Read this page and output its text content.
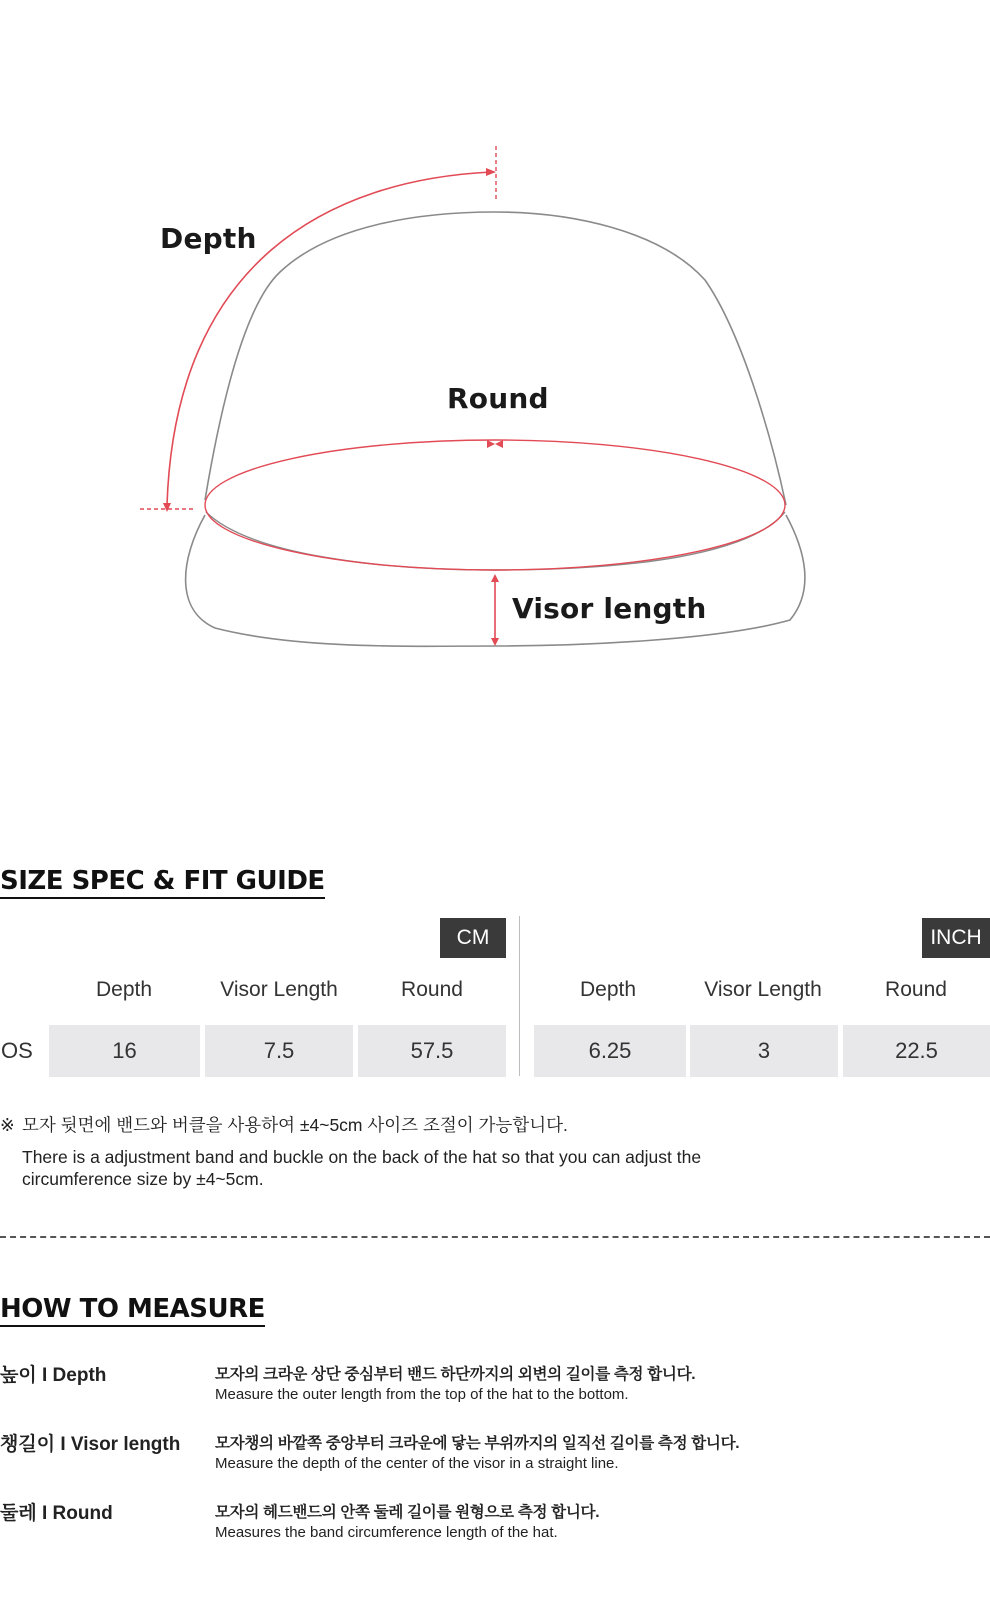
Depth
Round
Visor length
SIZE SPEC & FIT GUIDE
CM	INCH
Depth	Visor Length	Round	Depth	Visor Length	Round
OS	16	7.5	57.5	6.25	3	22.5
※ 모자 뒷면에 밴드와 버클을 사용하여 ±4~5cm 사이즈 조절이 가능합니다.
There is a adjustment band and buckle on the back of the hat so that you can adjust the circumference size by ±4~5cm.
HOW TO MEASURE
높이 I Depth	모자의 크라운 상단 중심부터 밴드 하단까지의 외변의 길이를 측정 합니다.
Measure the outer length from the top of the hat to the bottom.
챙길이 I Visor length 모자챙의 바깥쪽 중앙부터 크라운에 닿는 부위까지의 일직선 길이를 측정 합니다.
Measure the depth of the center of the visor in a straight line.
둘레 I Round	모자의 헤드밴드의 안쪽 둘레 길이를 원형으로 측정 합니다.
Measures the band circumference length of the hat.
